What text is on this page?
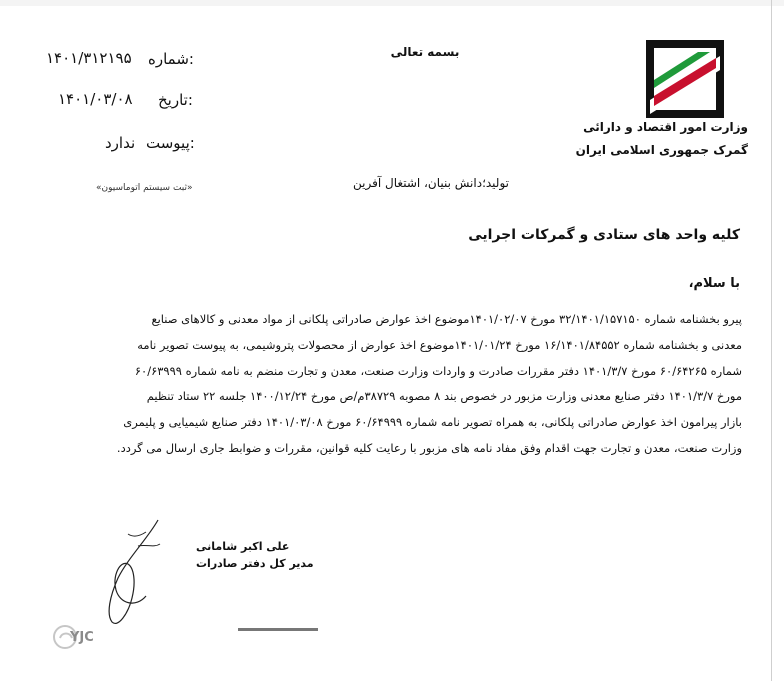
وزارت امور اقتصاد و دارائی
گمرک جمهوری اسلامی ایران
بسمه تعالی
:شماره
۱۴۰۱/۳۱۲۱۹۵
:تاریخ
۱۴۰۱/۰۳/۰۸
:پیوست
ندارد
«ثبت سیستم اتوماسیون»	تولید؛دانش بنیان، اشتغال آفرین
کلیه واحد های ستادی و گمرکات اجرایی
با سلام،
پیرو بخشنامه شماره ۳۲/۱۴۰۱/۱۵۷۱۵۰ مورخ ۱۴۰۱/۰۲/۰۷موضوع اخذ عوارض صادراتی پلکانی از مواد معدنی و کالاهای صنایع
معدنی و بخشنامه شماره ۱۶/۱۴۰۱/۸۴۵۵۲ مورخ ۱۴۰۱/۰۱/۲۴موضوع اخذ عوارض از محصولات پتروشیمی، به پیوست تصویر نامه
شماره ۶۰/۶۴۲۶۵ مورخ ۱۴۰۱/۳/۷ دفتر مقررات صادرت و واردات وزارت صنعت، معدن و تجارت منضم به نامه شماره ۶۰/۶۳۹۹۹
مورخ ۱۴۰۱/۳/۷ دفتر صنایع معدنی وزارت مزبور در خصوص بند ۸ مصوبه ۳۸۷۲۹م/ص مورخ ۱۴۰۰/۱۲/۲۴ جلسه ۲۲ ستاد تنظیم
بازار پیرامون اخذ عوارض صادراتی پلکانی، به همراه تصویر نامه شماره ۶۰/۶۴۹۹۹ مورخ ۱۴۰۱/۰۳/۰۸ دفتر صنایع شیمیایی و پلیمری
وزارت صنعت، معدن و تجارت جهت اقدام وفق مفاد نامه های مزبور با رعایت کلیه قوانین، مقررات و ضوابط جاری ارسال می گردد.
علی اکبر شامانی
مدیر کل دفتر صادرات
YJC
